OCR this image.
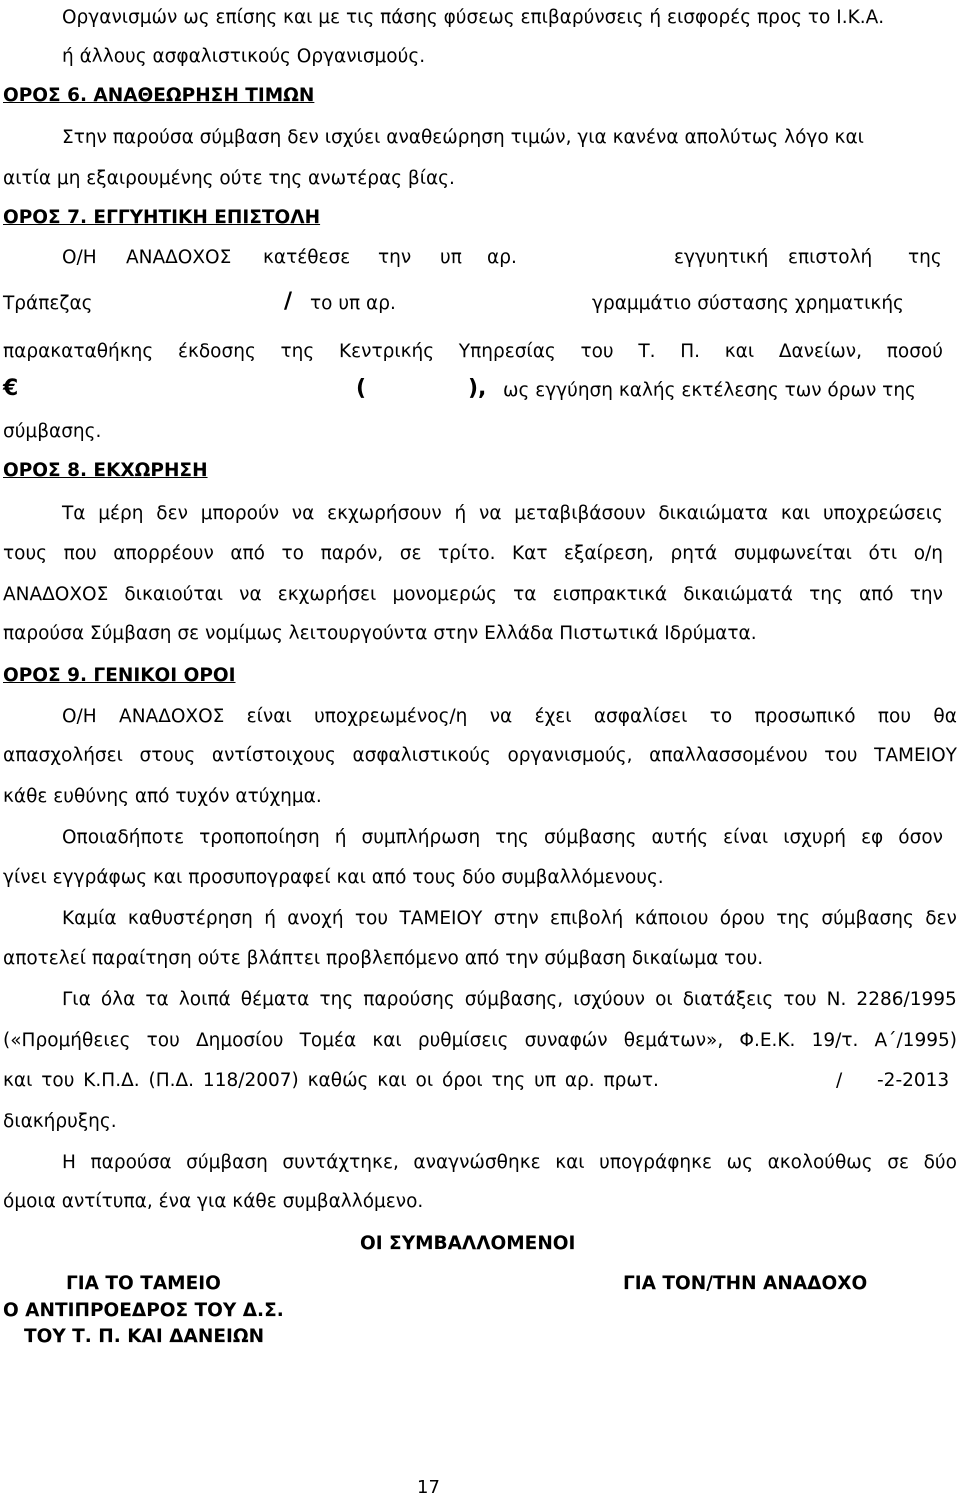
Οργανισμών ως επίσης και με τις πάσης φύσεως επιβαρύνσεις ή εισφορές προς το Ι.Κ.Α.
ή άλλους ασφαλιστικούς Οργανισμούς.
ΟΡΟΣ 6. ΑΝΑΘΕΩΡΗΣΗ ΤΙΜΩΝ
Στην παρούσα σύμβαση δεν ισχύει αναθεώρηση τιμών, για κανένα απολύτως λόγο και
αιτία μη εξαιρουμένης ούτε της ανωτέρας βίας.
ΟΡΟΣ 7. ΕΓΓΥΗΤΙΚΗ ΕΠΙΣΤΟΛΗ
Ο/Η ΑΝΑΔΟΧΟΣ κατέθεσε την υπ αρ.	εγγυητική επιστολή της
Τράπεζας	/ το υπ αρ.	γραμμάτιο σύστασης χρηματικής
παρακαταθήκης έκδοσης της Κεντρικής Υπηρεσίας του Τ. Π. και Δανείων, ποσού
€	(	), ως εγγύηση καλής εκτέλεσης των όρων της
σύμβασης.
ΟΡΟΣ 8. ΕΚΧΩΡΗΣΗ
Τα μέρη δεν μπορούν να εκχωρήσουν ή να μεταβιβάσουν δικαιώματα και υποχρεώσεις
τους που απορρέουν από το παρόν, σε τρίτο. Κατ εξαίρεση, ρητά συμφωνείται ότι ο/η
ΑΝΑΔΟΧΟΣ δικαιούται να εκχωρήσει μονομερώς τα εισπρακτικά δικαιώματά της από την
παρούσα Σύμβαση σε νομίμως λειτουργούντα στην Ελλάδα Πιστωτικά Ιδρύματα.
ΟΡΟΣ 9. ΓΕΝΙΚΟΙ ΟΡΟΙ
Ο/Η ΑΝΑΔΟΧΟΣ είναι υποχρεωμένος/η να έχει ασφαλίσει το προσωπικό που θα
απασχολήσει στους αντίστοιχους ασφαλιστικούς οργανισμούς, απαλλασσομένου του ΤΑΜΕΙΟΥ
κάθε ευθύνης από τυχόν ατύχημα.
Οποιαδήποτε τροποποίηση ή συμπλήρωση της σύμβασης αυτής είναι ισχυρή εφ όσον
γίνει εγγράφως και προσυπογραφεί και από τους δύο συμβαλλόμενους.
Καμία καθυστέρηση ή ανοχή του ΤΑΜΕΙΟΥ στην επιβολή κάποιου όρου της σύμβασης δεν
αποτελεί παραίτηση ούτε βλάπτει προβλεπόμενο από την σύμβαση δικαίωμα του.
Για όλα τα λοιπά θέματα της παρούσης σύμβασης, ισχύουν οι διατάξεις του Ν. 2286/1995
(«Προμήθειες του Δημοσίου Τομέα και ρυθμίσεις συναφών θεμάτων», Φ.Ε.Κ. 19/τ. Α΄/1995)
και του Κ.Π.Δ. (Π.Δ. 118/2007) καθώς και οι όροι της υπ αρ. πρωτ.	/ -2-2013
διακήρυξης.
Η παρούσα σύμβαση συντάχτηκε, αναγνώσθηκε και υπογράφηκε ως ακολούθως σε δύο
όμοια αντίτυπα, ένα για κάθε συμβαλλόμενο.
ΟΙ ΣΥΜΒΑΛΛΟΜΕΝΟΙ
ΓΙΑ ΤΟ ΤΑΜΕΙΟ
Ο ΑΝΤΙΠΡΟΕΔΡΟΣ ΤΟΥ Δ.Σ.
ΤΟΥ Τ. Π. ΚΑΙ ΔΑΝΕΙΩΝ
ΓΙΑ ΤΟΝ/ΤΗΝ ΑΝΑΔΟΧΟ
17
